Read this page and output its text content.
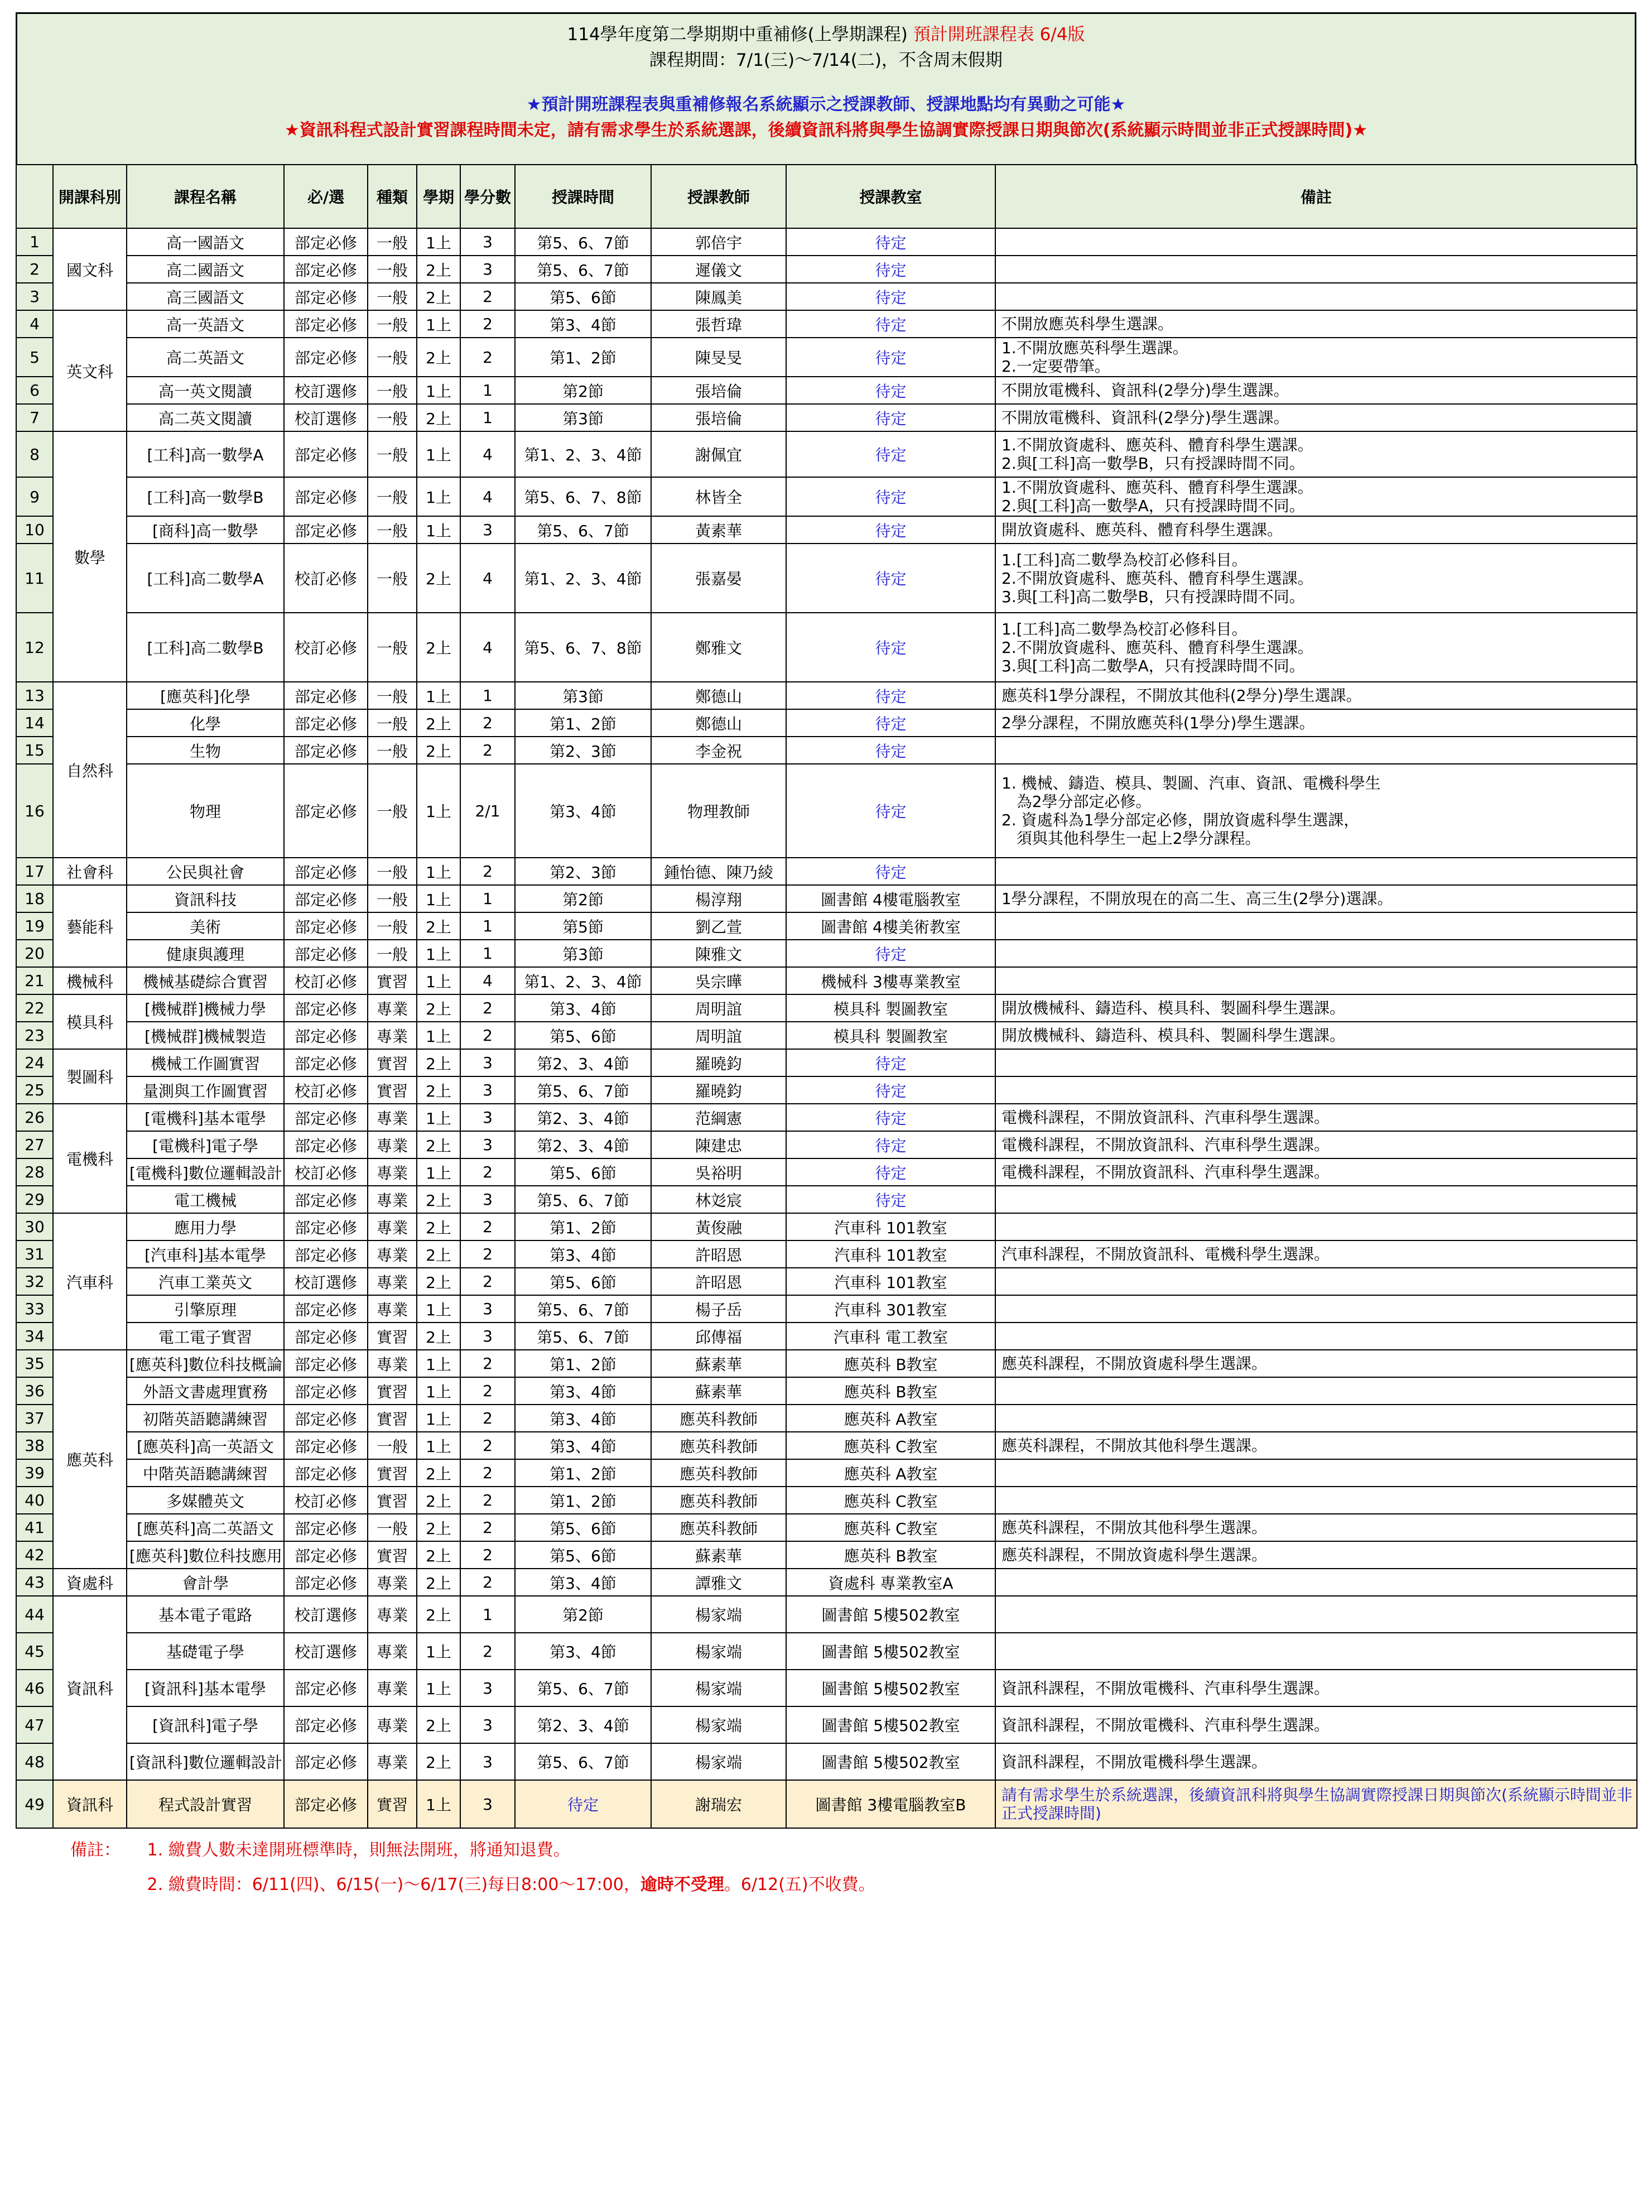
114學年度第二學期期中重補修(上學期課程) 預計開班課程表 6/4版
課程期間：7/1(三)～7/14(二)，不含周末假期
★預計開班課程表與重補修報名系統顯示之授課教師、授課地點均有異動之可能★
★資訊科程式設計實習課程時間未定，請有需求學生於系統選課，後續資訊科將與學生協調實際授課日期與節次(系統顯示時間並非正式授課時間)★
	開課科別	課程名稱	必/選	種類	學期	學分數	授課時間	授課教師	授課教室	備註
1	國文科	高一國語文	部定必修	一般	1上	3	第5、6、7節	郭倍宇	待定	
2		高二國語文	部定必修	一般	2上	3	第5、6、7節	遲儀文	待定	
3		高三國語文	部定必修	一般	2上	2	第5、6節	陳鳳美	待定	
4	英文科	高一英語文	部定必修	一般	1上	2	第3、4節	張哲瑋	待定	不開放應英科學生選課。
5		高二英語文	部定必修	一般	2上	2	第1、2節	陳旻旻	待定	1.不開放應英科學生選課。
2.一定要帶筆。
6		高一英文閱讀	校訂選修	一般	1上	1	第2節	張培倫	待定	不開放電機科、資訊科(2學分)學生選課。
7		高二英文閱讀	校訂選修	一般	2上	1	第3節	張培倫	待定	不開放電機科、資訊科(2學分)學生選課。
8	數學	[工科]高一數學A	部定必修	一般	1上	4	第1、2、3、4節	謝佩宜	待定	1.不開放資處科、應英科、體育科學生選課。
2.與[工科]高一數學B，只有授課時間不同。
9		[工科]高一數學B	部定必修	一般	1上	4	第5、6、7、8節	林皆全	待定	1.不開放資處科、應英科、體育科學生選課。
2.與[工科]高一數學A，只有授課時間不同。
10		[商科]高一數學	部定必修	一般	1上	3	第5、6、7節	黃素華	待定	開放資處科、應英科、體育科學生選課。
11		[工科]高二數學A	校訂必修	一般	2上	4	第1、2、3、4節	張嘉晏	待定	1.[工科]高二數學為校訂必修科目。
2.不開放資處科、應英科、體育科學生選課。
3.與[工科]高二數學B，只有授課時間不同。
12		[工科]高二數學B	校訂必修	一般	2上	4	第5、6、7、8節	鄭雅文	待定	1.[工科]高二數學為校訂必修科目。
2.不開放資處科、應英科、體育科學生選課。
3.與[工科]高二數學A，只有授課時間不同。
13	自然科	[應英科]化學	部定必修	一般	1上	1	第3節	鄭德山	待定	應英科1學分課程，不開放其他科(2學分)學生選課。
14		化學	部定必修	一般	2上	2	第1、2節	鄭德山	待定	2學分課程，不開放應英科(1學分)學生選課。
15		生物	部定必修	一般	2上	2	第2、3節	李金祝	待定	
16		物理	部定必修	一般	1上	2/1	第3、4節	物理教師	待定	1. 機械、鑄造、模具、製圖、汽車、資訊、電機科學生
為2學分部定必修。
2. 資處科為1學分部定必修，開放資處科學生選課，
須與其他科學生一起上2學分課程。
17	社會科	公民與社會	部定必修	一般	1上	2	第2、3節	鍾怡德、陳乃綾	待定	
18	藝能科	資訊科技	部定必修	一般	1上	1	第2節	楊淳翔	圖書館 4樓電腦教室	1學分課程，不開放現在的高二生、高三生(2學分)選課。
19		美術	部定必修	一般	2上	1	第5節	劉乙萱	圖書館 4樓美術教室	
20		健康與護理	部定必修	一般	1上	1	第3節	陳雅文	待定	
21	機械科	機械基礎綜合實習	校訂必修	實習	1上	4	第1、2、3、4節	吳宗曄	機械科 3樓專業教室	
22	模具科	[機械群]機械力學	部定必修	專業	2上	2	第3、4節	周明誼	模具科 製圖教室	開放機械科、鑄造科、模具科、製圖科學生選課。
23		[機械群]機械製造	部定必修	專業	1上	2	第5、6節	周明誼	模具科 製圖教室	開放機械科、鑄造科、模具科、製圖科學生選課。
24	製圖科	機械工作圖實習	部定必修	實習	2上	3	第2、3、4節	羅曉鈞	待定	
25		量測與工作圖實習	校訂必修	實習	2上	3	第5、6、7節	羅曉鈞	待定	
26	電機科	[電機科]基本電學	部定必修	專業	1上	3	第2、3、4節	范綱憲	待定	電機科課程，不開放資訊科、汽車科學生選課。
27		[電機科]電子學	部定必修	專業	2上	3	第2、3、4節	陳建忠	待定	電機科課程，不開放資訊科、汽車科學生選課。
28		[電機科]數位邏輯設計	校訂必修	專業	1上	2	第5、6節	吳裕明	待定	電機科課程，不開放資訊科、汽車科學生選課。
29		電工機械	部定必修	專業	2上	3	第5、6、7節	林彣宸	待定	
30	汽車科	應用力學	部定必修	專業	2上	2	第1、2節	黃俊融	汽車科 101教室	
31		[汽車科]基本電學	部定必修	專業	2上	2	第3、4節	許昭恩	汽車科 101教室	汽車科課程，不開放資訊科、電機科學生選課。
32		汽車工業英文	校訂選修	專業	2上	2	第5、6節	許昭恩	汽車科 101教室	
33		引擎原理	部定必修	專業	1上	3	第5、6、7節	楊子岳	汽車科 301教室	
34		電工電子實習	部定必修	實習	2上	3	第5、6、7節	邱傳福	汽車科 電工教室	
35	應英科	[應英科]數位科技概論	部定必修	專業	1上	2	第1、2節	蘇素華	應英科 B教室	應英科課程，不開放資處科學生選課。
36		外語文書處理實務	部定必修	實習	1上	2	第3、4節	蘇素華	應英科 B教室	
37		初階英語聽講練習	部定必修	實習	1上	2	第3、4節	應英科教師	應英科 A教室	
38		[應英科]高一英語文	部定必修	一般	1上	2	第3、4節	應英科教師	應英科 C教室	應英科課程，不開放其他科學生選課。
39		中階英語聽講練習	部定必修	實習	2上	2	第1、2節	應英科教師	應英科 A教室	
40		多媒體英文	校訂必修	實習	2上	2	第1、2節	應英科教師	應英科 C教室	
41		[應英科]高二英語文	部定必修	一般	2上	2	第5、6節	應英科教師	應英科 C教室	應英科課程，不開放其他科學生選課。
42		[應英科]數位科技應用	部定必修	實習	2上	2	第5、6節	蘇素華	應英科 B教室	應英科課程，不開放資處科學生選課。
43	資處科	會計學	部定必修	專業	2上	2	第3、4節	譚雅文	資處科 專業教室A	
44	資訊科	基本電子電路	校訂選修	專業	2上	1	第2節	楊家端	圖書館 5樓502教室	
45		基礎電子學	校訂選修	專業	1上	2	第3、4節	楊家端	圖書館 5樓502教室	
46		[資訊科]基本電學	部定必修	專業	1上	3	第5、6、7節	楊家端	圖書館 5樓502教室	資訊科課程，不開放電機科、汽車科學生選課。
47		[資訊科]電子學	部定必修	專業	2上	3	第2、3、4節	楊家端	圖書館 5樓502教室	資訊科課程，不開放電機科、汽車科學生選課。
48		[資訊科]數位邏輯設計	部定必修	專業	2上	3	第5、6、7節	楊家端	圖書館 5樓502教室	資訊科課程，不開放電機科學生選課。
49	資訊科	程式設計實習	部定必修	實習	1上	3	待定	謝瑞宏	圖書館 3樓電腦教室B	請有需求學生於系統選課，後續資訊科將與學生協調實際授課日期與節次(系統顯示時間並非正式授課時間)
備註： 1. 繳費人數未達開班標準時，則無法開班，將通知退費。
2. 繳費時間：6/11(四)、6/15(一)～6/17(三)每日8:00～17:00，逾時不受理。6/12(五)不收費。
